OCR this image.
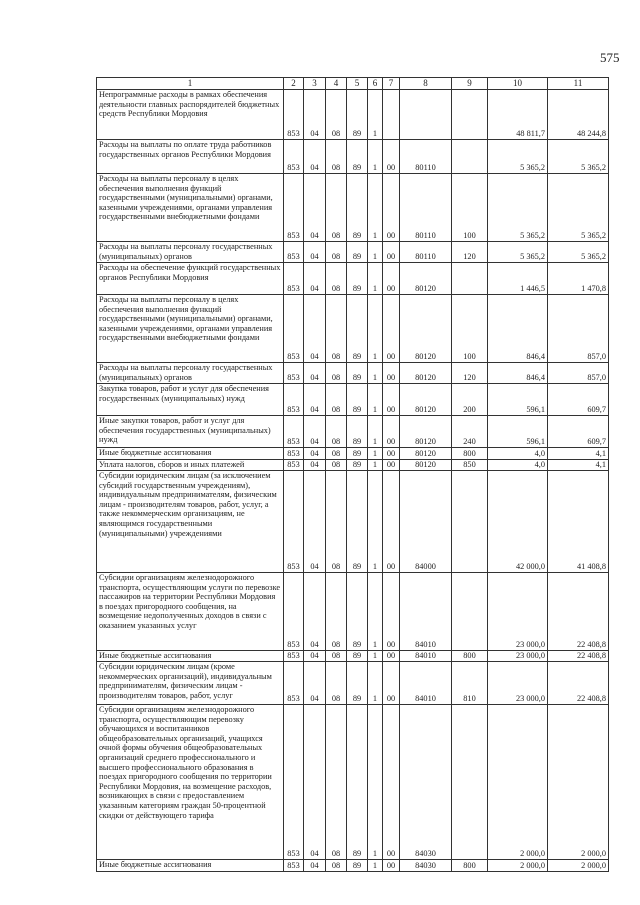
575
1	2	3	4	5	6	7	8	9	10	11
Непрограммные расходы в рамках обеспечения деятельности главных распорядителей бюджетных средств Республики Мордовия	853	04	08	89	1				48 811,7	48 244,8
Расходы на выплаты по оплате труда работников государственных органов Республики Мордовия	853	04	08	89	1	00	80110		5 365,2	5 365,2
Расходы на выплаты персоналу в целях обеспечения выполнения функций государственными (муниципальными) органами, казенными учреждениями, органами управления государственными внебюджетными фондами	853	04	08	89	1	00	80110	100	5 365,2	5 365,2
Расходы на выплаты персоналу государственных (муниципальных) органов	853	04	08	89	1	00	80110	120	5 365,2	5 365,2
Расходы на обеспечение функций государственных органов Республики Мордовия	853	04	08	89	1	00	80120		1 446,5	1 470,8
Расходы на выплаты персоналу в целях обеспечения выполнения функций государственными (муниципальными) органами, казенными учреждениями, органами управления государственными внебюджетными фондами	853	04	08	89	1	00	80120	100	846,4	857,0
Расходы на выплаты персоналу государственных (муниципальных) органов	853	04	08	89	1	00	80120	120	846,4	857,0
Закупка товаров, работ и услуг для обеспечения государственных (муниципальных) нужд	853	04	08	89	1	00	80120	200	596,1	609,7
Иные закупки товаров, работ и услуг для обеспечения государственных (муниципальных) нужд	853	04	08	89	1	00	80120	240	596,1	609,7
Иные бюджетные ассигнования	853	04	08	89	1	00	80120	800	4,0	4,1
Уплата налогов, сборов и иных платежей	853	04	08	89	1	00	80120	850	4,0	4,1
Субсидии юридическим лицам (за исключением субсидий государственным учреждениям), индивидуальным предпринимателям, физическим лицам - производителям товаров, работ, услуг, а также некоммерческим организациям, не являющимся государственными (муниципальными) учреждениями	853	04	08	89	1	00	84000		42 000,0	41 408,8
Субсидии организациям железнодорожного транспорта, осуществляющим услуги по перевозке пассажиров на территории Республики Мордовия в поездах пригородного сообщения, на возмещение недополученных доходов в связи с оказанием указанных услуг	853	04	08	89	1	00	84010		23 000,0	22 408,8
Иные бюджетные ассигнования	853	04	08	89	1	00	84010	800	23 000,0	22 408,8
Субсидии юридическим лицам (кроме некоммерческих организаций), индивидуальным предпринимателям, физическим лицам - производителям товаров, работ, услуг	853	04	08	89	1	00	84010	810	23 000,0	22 408,8
Субсидии организациям железнодорожного транспорта, осуществляющим перевозку обучающихся и воспитанников общеобразовательных организаций, учащихся очной формы обучения общеобразовательных организаций среднего профессионального и высшего профессионального образования в поездах пригородного сообщения по территории Республики Мордовия, на возмещение расходов, возникающих в связи с предоставлением указанным категориям граждан 50-процентной скидки от действующего тарифа	853	04	08	89	1	00	84030		2 000,0	2 000,0
Иные бюджетные ассигнования	853	04	08	89	1	00	84030	800	2 000,0	2 000,0
